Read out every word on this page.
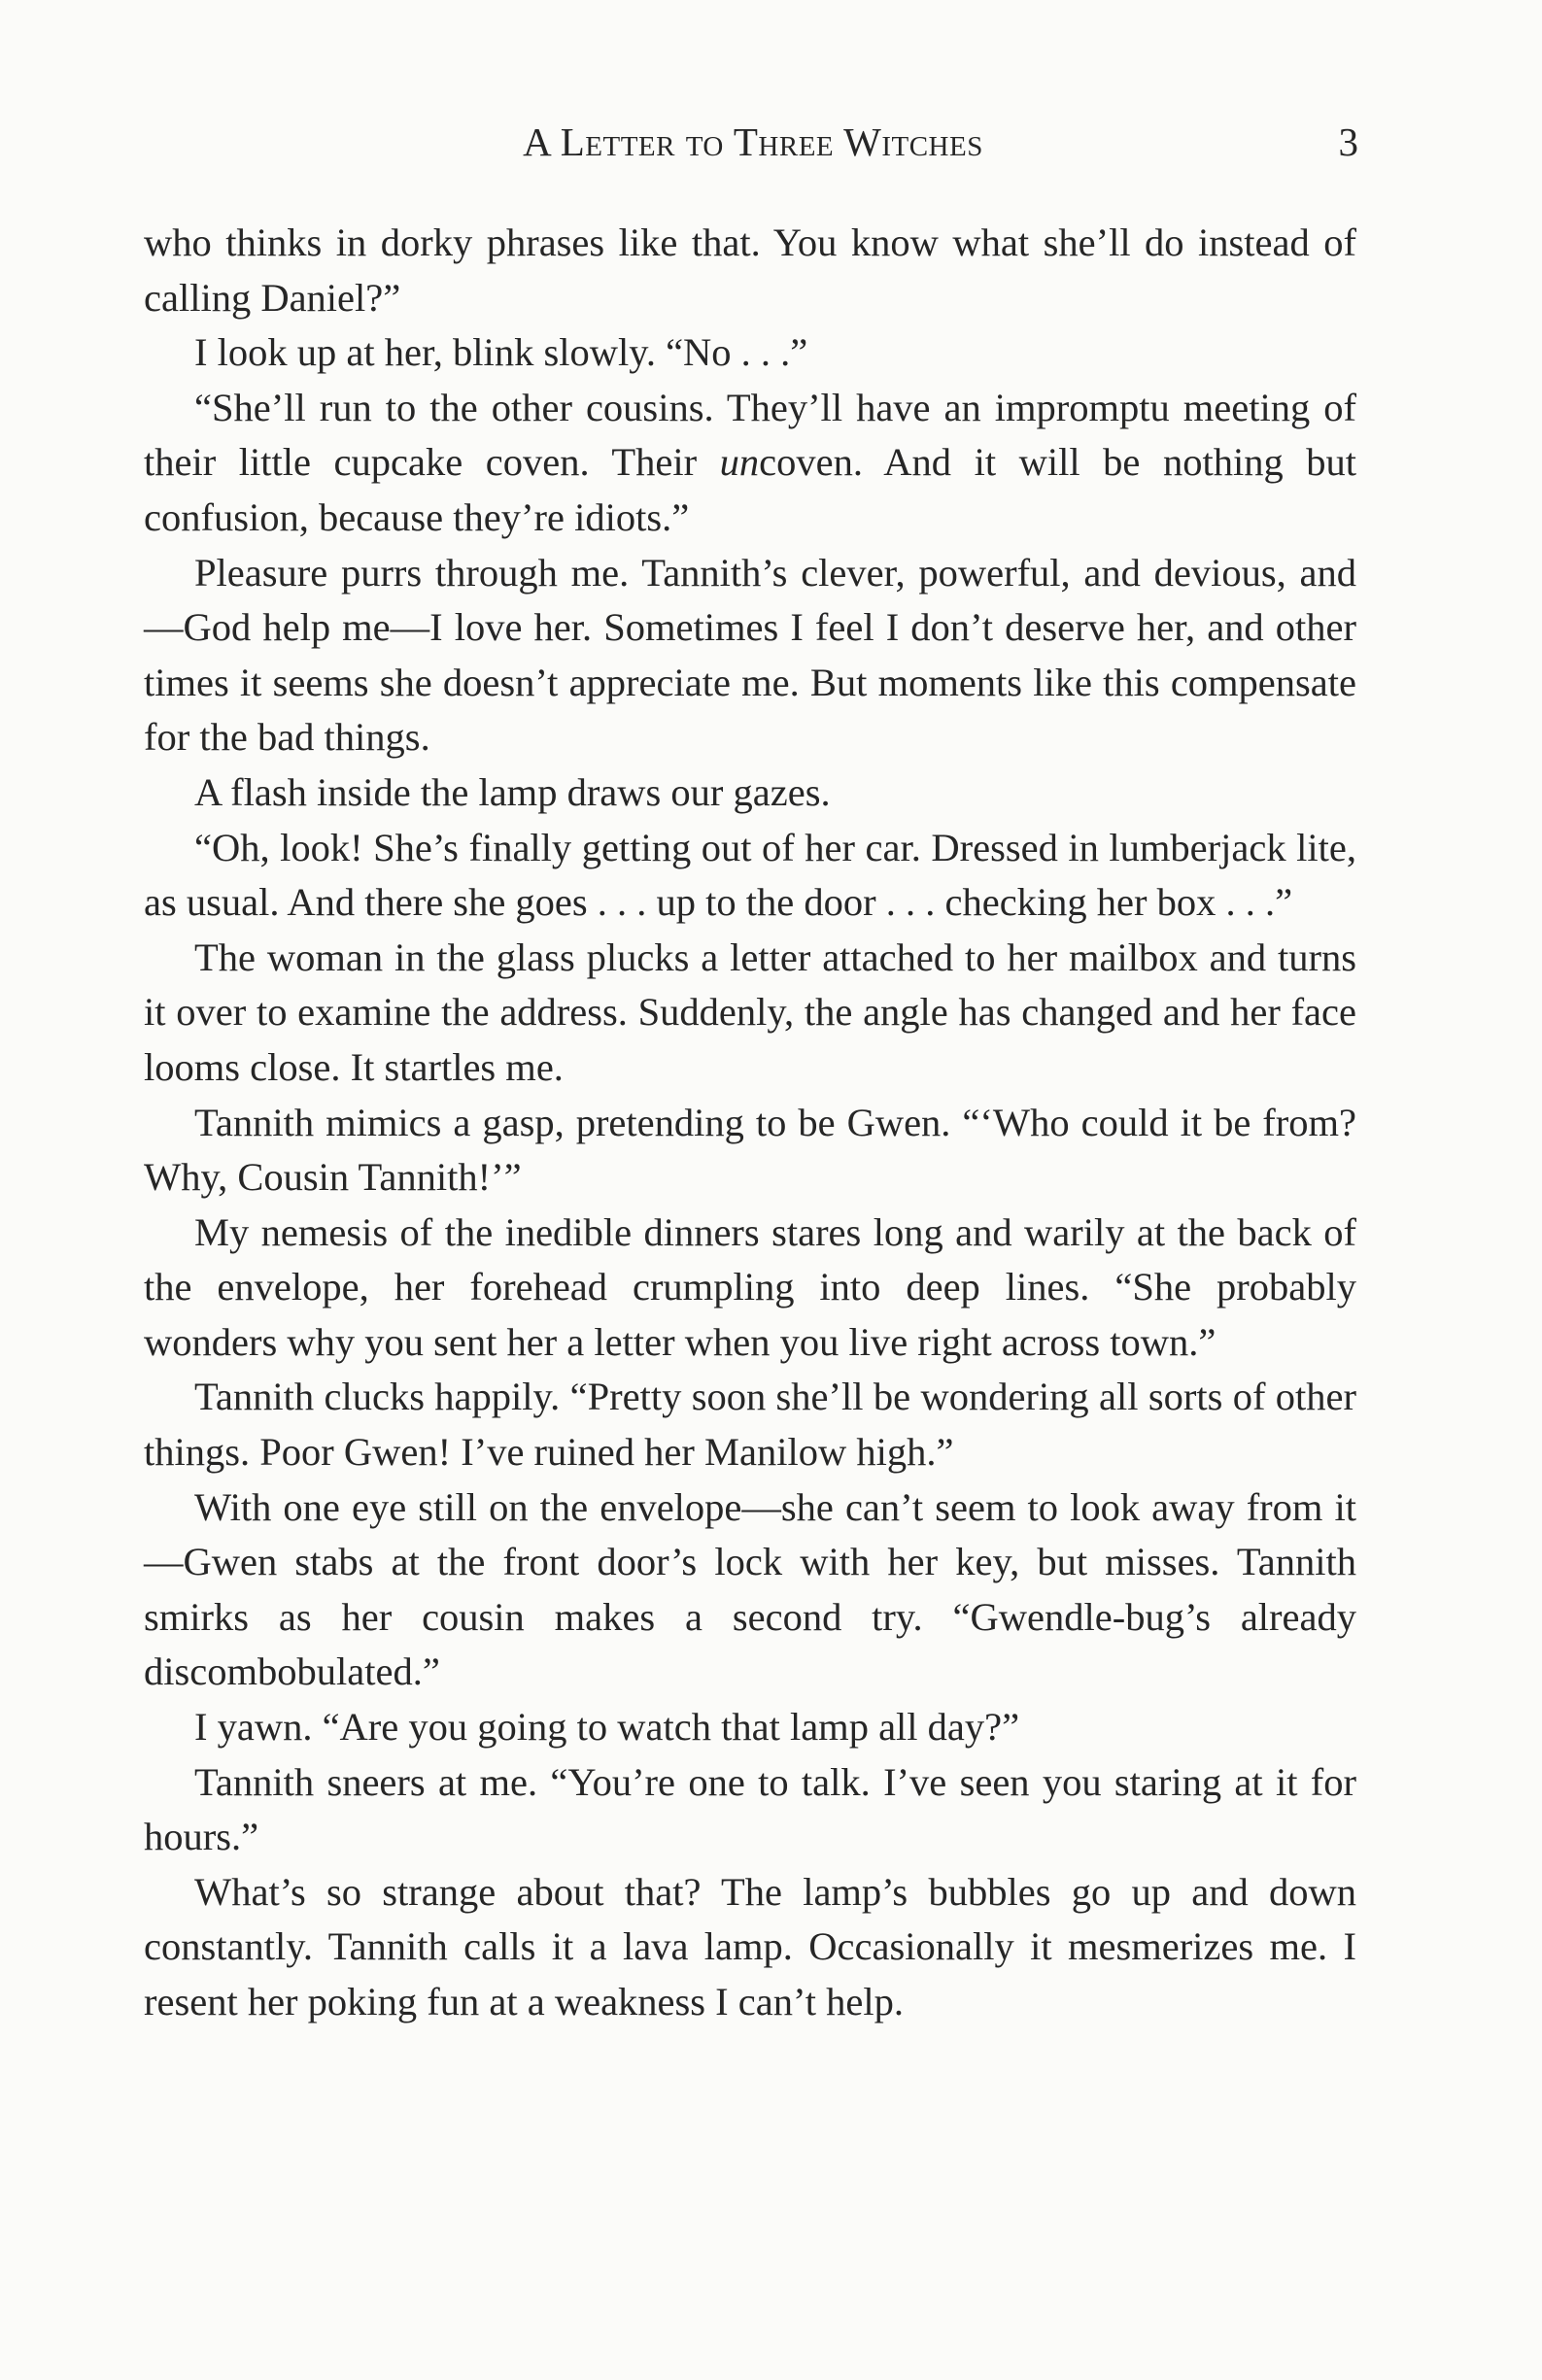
A Letter to Three Witches	3

who thinks in dorky phrases like that. You know what she’ll do instead of calling Daniel?”

I look up at her, blink slowly. “No . . .”

“She’ll run to the other cousins. They’ll have an impromptu meeting of their little cupcake coven. Their uncoven. And it will be nothing but confusion, because they’re idiots.”

Pleasure purrs through me. Tannith’s clever, powerful, and devious, and—God help me—I love her. Sometimes I feel I don’t deserve her, and other times it seems she doesn’t appreciate me. But moments like this compensate for the bad things.

A flash inside the lamp draws our gazes.

“Oh, look! She’s finally getting out of her car. Dressed in lumberjack lite, as usual. And there she goes . . . up to the door . . . checking her box . . .”

The woman in the glass plucks a letter attached to her mailbox and turns it over to examine the address. Suddenly, the angle has changed and her face looms close. It startles me.

Tannith mimics a gasp, pretending to be Gwen. “‘Who could it be from? Why, Cousin Tannith!’”

My nemesis of the inedible dinners stares long and warily at the back of the envelope, her forehead crumpling into deep lines. “She probably wonders why you sent her a letter when you live right across town.”

Tannith clucks happily. “Pretty soon she’ll be wondering all sorts of other things. Poor Gwen! I’ve ruined her Manilow high.”

With one eye still on the envelope—she can’t seem to look away from it—Gwen stabs at the front door’s lock with her key, but misses. Tannith smirks as her cousin makes a second try. “Gwendle-bug’s already discombobulated.”

I yawn. “Are you going to watch that lamp all day?”

Tannith sneers at me. “You’re one to talk. I’ve seen you staring at it for hours.”

What’s so strange about that? The lamp’s bubbles go up and down constantly. Tannith calls it a lava lamp. Occasionally it mesmerizes me. I resent her poking fun at a weakness I can’t help.
